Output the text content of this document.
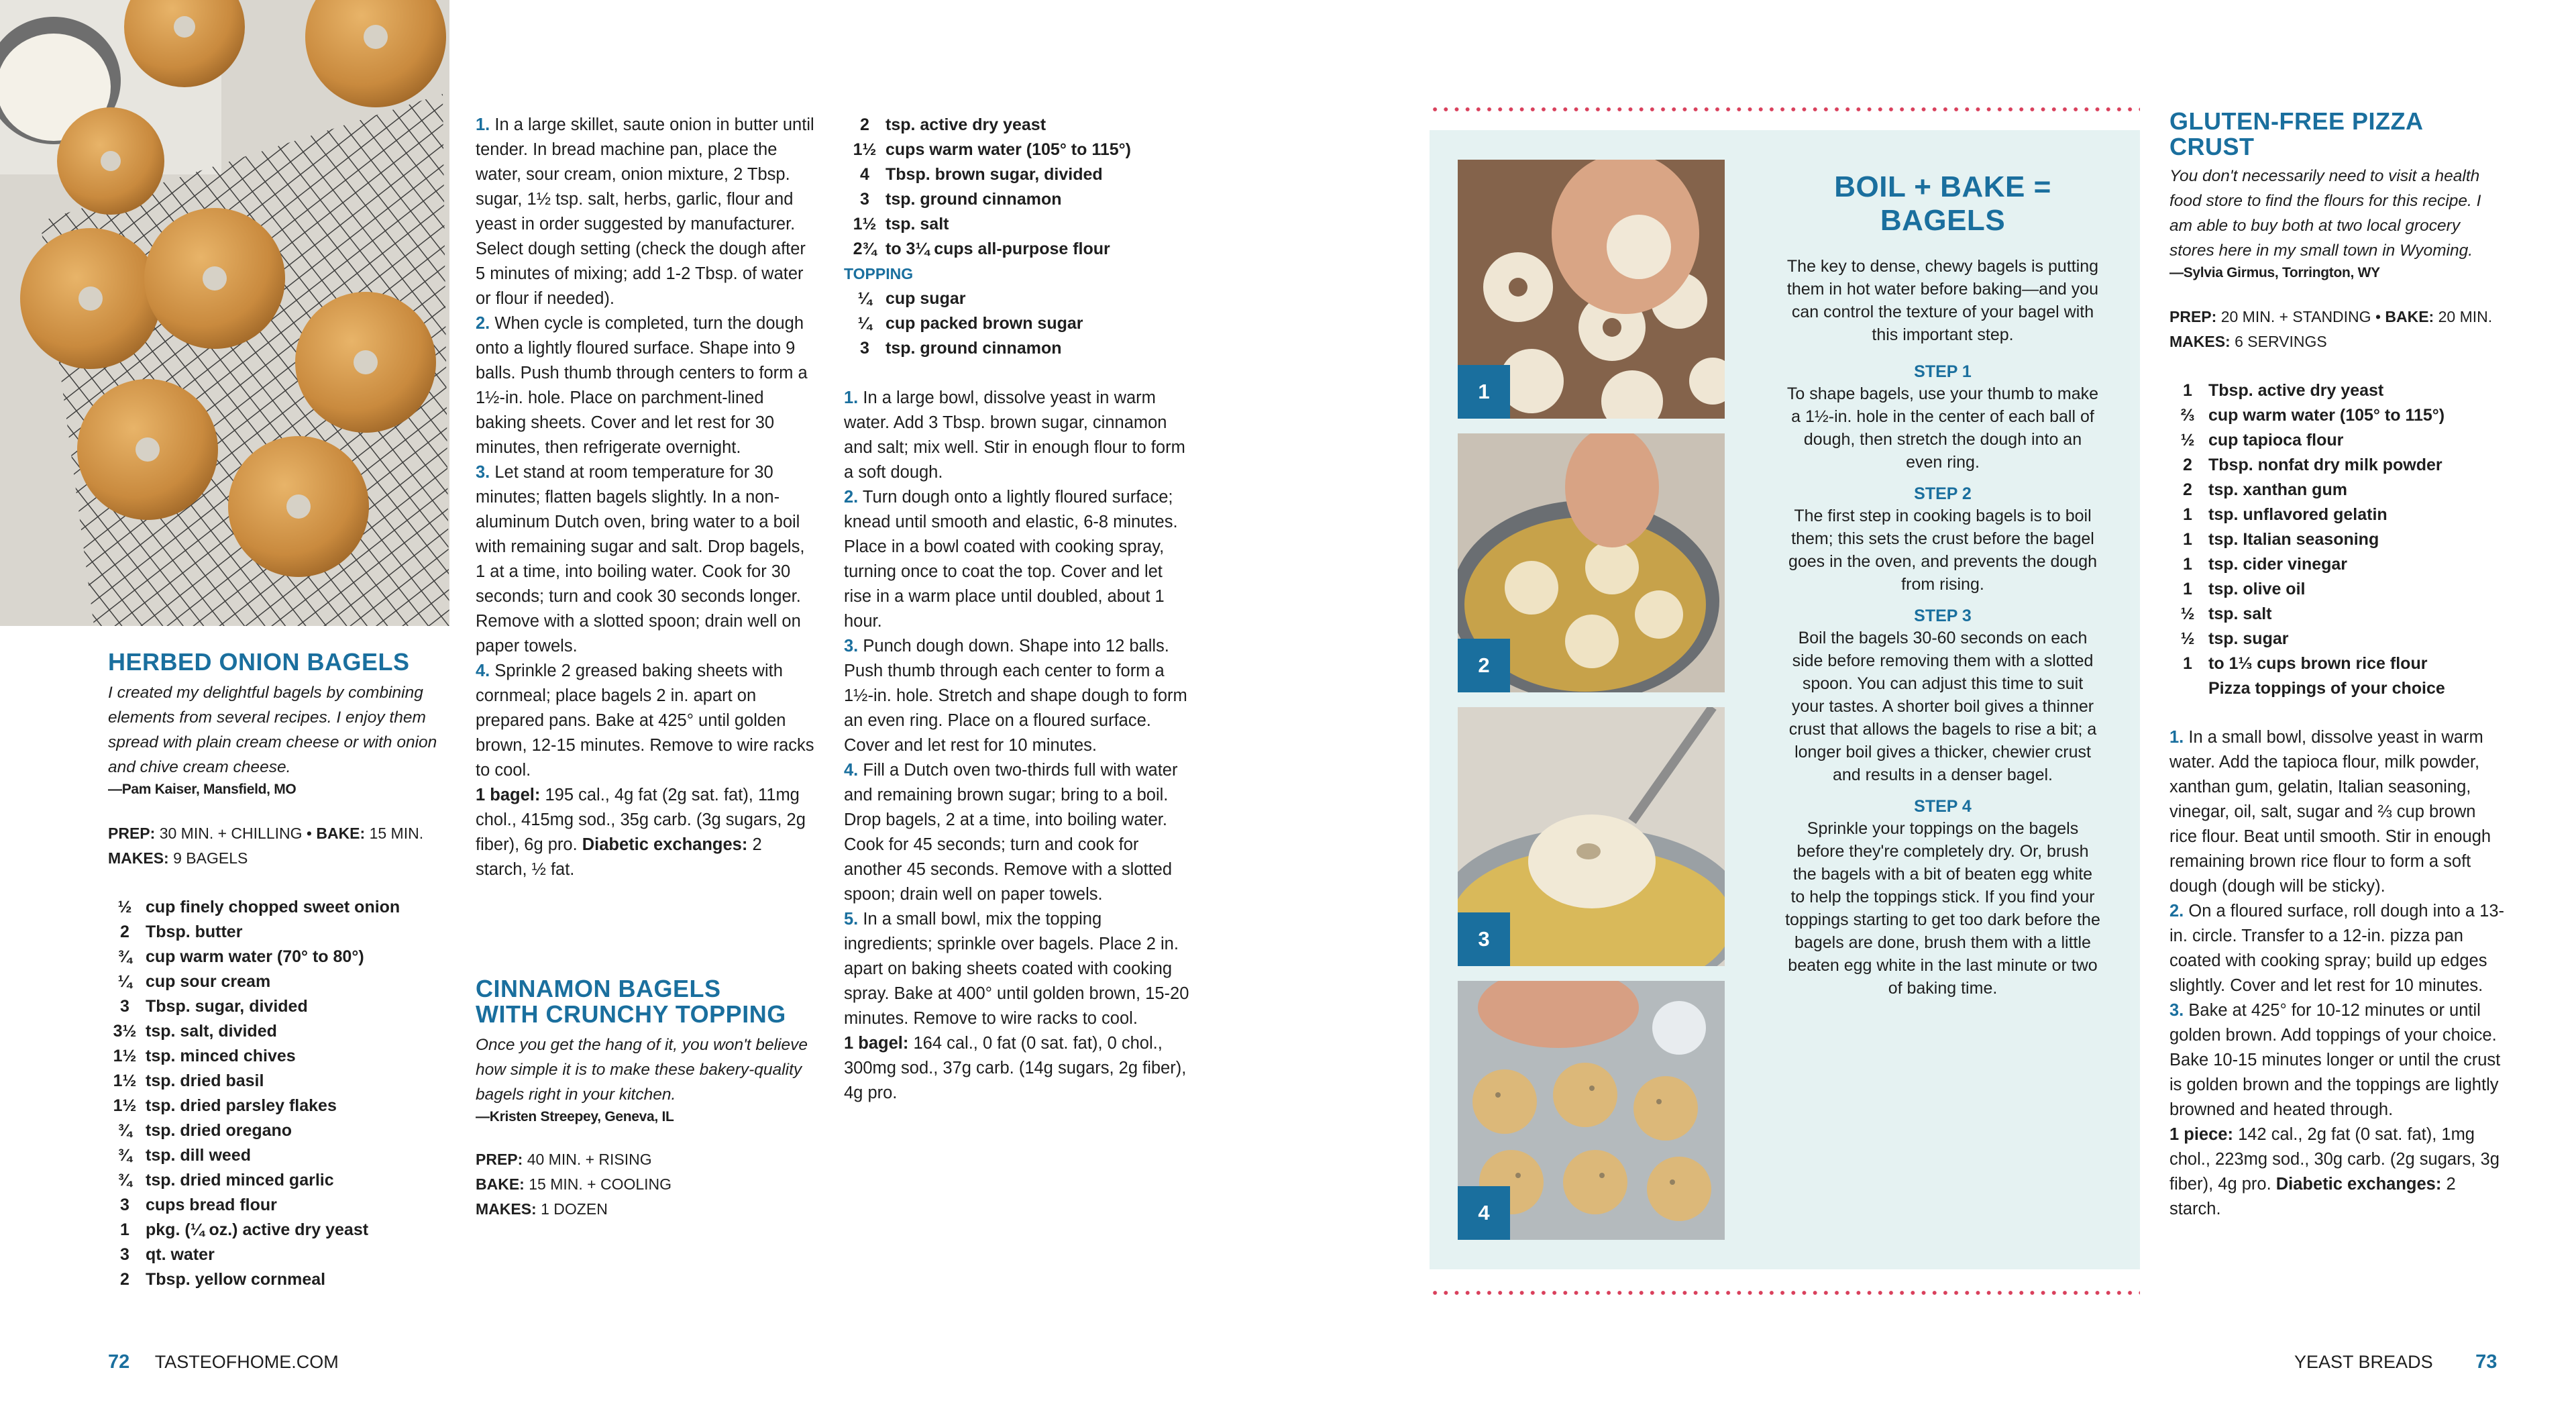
HERBED ONION BAGELS
I created my delightful bagels by combining elements from several recipes. I enjoy them spread with plain cream cheese or with onion and chive cream cheese.
—Pam Kaiser, Mansfield, MO
PREP: 30 MIN. + CHILLING • BAKE: 15 MIN.
MAKES: 9 BAGELS
½ cup finely chopped sweet onion
2 Tbsp. butter
¾ cup warm water (70° to 80°)
¼ cup sour cream
3 Tbsp. sugar, divided
3½ tsp. salt, divided
1½ tsp. minced chives
1½ tsp. dried basil
1½ tsp. dried parsley flakes
¾ tsp. dried oregano
¾ tsp. dill weed
¾ tsp. dried minced garlic
3 cups bread flour
1 pkg. (¼ oz.) active dry yeast
3 qt. water
2 Tbsp. yellow cornmeal

1. In a large skillet, saute onion in butter until tender. In bread machine pan, place the water, sour cream, onion mixture, 2 Tbsp. sugar, 1½ tsp. salt, herbs, garlic, flour and yeast in order suggested by manufacturer. Select dough setting (check the dough after 5 minutes of mixing; add 1-2 Tbsp. of water or flour if needed).

2. When cycle is completed, turn the dough onto a lightly floured surface. Shape into 9 balls. Push thumb through centers to form a 1½-in. hole. Place on parchment-lined baking sheets. Cover and let rest for 30 minutes, then refrigerate overnight.

3. Let stand at room temperature for 30 minutes; flatten bagels slightly. In a non-aluminum Dutch oven, bring water to a boil with remaining sugar and salt. Drop bagels, 1 at a time, into boiling water. Cook for 30 seconds; turn and cook 30 seconds longer. Remove with a slotted spoon; drain well on paper towels.

4. Sprinkle 2 greased baking sheets with cornmeal; place bagels 2 in. apart on prepared pans. Bake at 425° until golden brown, 12-15 minutes. Remove to wire racks to cool.

1 bagel: 195 cal., 4g fat (2g sat. fat), 11mg chol., 415mg sod., 35g carb. (3g sugars, 2g fiber), 6g pro. Diabetic exchanges: 2 starch, ½ fat.

CINNAMON BAGELS
WITH CRUNCHY TOPPING
Once you get the hang of it, you won't believe how simple it is to make these bakery-quality bagels right in your kitchen.
—Kristen Streepey, Geneva, IL
PREP: 40 MIN. + RISING
BAKE: 15 MIN. + COOLING
MAKES: 1 DOZEN
2 tsp. active dry yeast
1½ cups warm water (105° to 115°)
4 Tbsp. brown sugar, divided
3 tsp. ground cinnamon
1½ tsp. salt
2¾ to 3¼ cups all-purpose flour
TOPPING
¼ cup sugar
¼ cup packed brown sugar
3 tsp. ground cinnamon

1. In a large bowl, dissolve yeast in warm water. Add 3 Tbsp. brown sugar, cinnamon and salt; mix well. Stir in enough flour to form a soft dough.

2. Turn dough onto a lightly floured surface; knead until smooth and elastic, 6-8 minutes. Place in a bowl coated with cooking spray, turning once to coat the top. Cover and let rise in a warm place until doubled, about 1 hour.

3. Punch dough down. Shape into 12 balls. Push thumb through each center to form a 1½-in. hole. Stretch and shape dough to form an even ring. Place on a floured surface. Cover and let rest for 10 minutes.

4. Fill a Dutch oven two-thirds full with water and remaining brown sugar; bring to a boil. Drop bagels, 2 at a time, into boiling water. Cook for 45 seconds; turn and cook for another 45 seconds. Remove with a slotted spoon; drain well on paper towels.

5. In a small bowl, mix the topping ingredients; sprinkle over bagels. Place 2 in. apart on baking sheets coated with cooking spray. Bake at 400° until golden brown, 15-20 minutes. Remove to wire racks to cool.

1 bagel: 164 cal., 0 fat (0 sat. fat), 0 chol., 300mg sod., 37g carb. (14g sugars, 2g fiber), 4g pro.

72 TASTEOFHOME.COM
1
2
3
4
BOIL + BAKE = BAGELS
The key to dense, chewy bagels is putting them in hot water before baking—and you can control the texture of your bagel with this important step.
STEP 1
To shape bagels, use your thumb to make a 1½-in. hole in the center of each ball of dough, then stretch the dough into an even ring.
STEP 2
The first step in cooking bagels is to boil them; this sets the crust before the bagel goes in the oven, and prevents the dough from rising.
STEP 3
Boil the bagels 30-60 seconds on each side before removing them with a slotted spoon. You can adjust this time to suit your tastes. A shorter boil gives a thinner crust that allows the bagels to rise a bit; a longer boil gives a thicker, chewier crust and results in a denser bagel.
STEP 4
Sprinkle your toppings on the bagels before they're completely dry. Or, brush the bagels with a bit of beaten egg white to help the toppings stick. If you find your toppings starting to get too dark before the bagels are done, brush them with a little beaten egg white in the last minute or two of baking time.
GLUTEN-FREE PIZZA CRUST
You don't necessarily need to visit a health food store to find the flours for this recipe. I am able to buy both at two local grocery stores here in my small town in Wyoming.
—Sylvia Girmus, Torrington, WY
PREP: 20 MIN. + STANDING • BAKE: 20 MIN.
MAKES: 6 SERVINGS
1 Tbsp. active dry yeast
⅔ cup warm water (105° to 115°)
½ cup tapioca flour
2 Tbsp. nonfat dry milk powder
2 tsp. xanthan gum
1 tsp. unflavored gelatin
1 tsp. Italian seasoning
1 tsp. cider vinegar
1 tsp. olive oil
½ tsp. salt
½ tsp. sugar
1 to 1⅓ cups brown rice flour
Pizza toppings of your choice

1. In a small bowl, dissolve yeast in warm water. Add the tapioca flour, milk powder, xanthan gum, gelatin, Italian seasoning, vinegar, oil, salt, sugar and ⅔ cup brown rice flour. Beat until smooth. Stir in enough remaining brown rice flour to form a soft dough (dough will be sticky).

2. On a floured surface, roll dough into a 13-in. circle. Transfer to a 12-in. pizza pan coated with cooking spray; build up edges slightly. Cover and let rest for 10 minutes.

3. Bake at 425° for 10-12 minutes or until golden brown. Add toppings of your choice. Bake 10-15 minutes longer or until the crust is golden brown and the toppings are lightly browned and heated through.

1 piece: 142 cal., 2g fat (0 sat. fat), 1mg chol., 223mg sod., 30g carb. (2g sugars, 3g fiber), 4g pro. Diabetic exchanges: 2 starch.

YEAST BREADS 73
